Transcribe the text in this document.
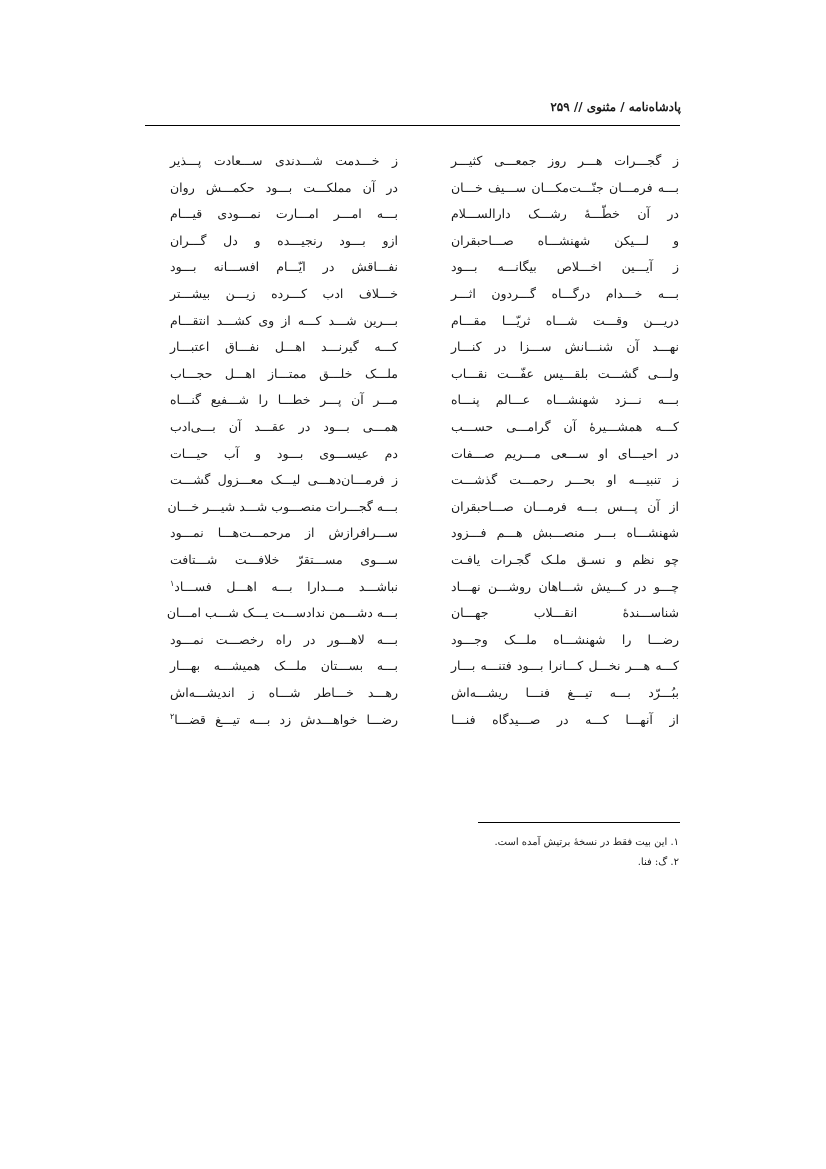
پادشاه‌نامه / مثنوی // ۲۵۹
ز گجـــرات هـــر روز جمعـــی کثیـــر
ز خـــدمت شـــدندی ســـعادت پـــذیر
بـــه فرمـــان جنّـــت‌مکـــان ســـیف خـــان
در آن مملکـــت بـــود حکمـــش روان
در آن خطّـــهٔ رشـــک دارالســـلام
بـــه امـــر امـــارت نمـــودی قیـــام
و لـــیکن شهنشـــاه صـــاحبقران
ازو بـــود رنجیـــده و دل گـــران
ز آیـــین اخـــلاص بیگانـــه بـــود
نفـــاقش در ایّـــام افســـانه بـــود
بـــه خـــدام درگـــاه گـــردون اثـــر
خـــلاف ادب کـــرده زیـــن بیشـــتر
دریـــن وقـــت شـــاه ثریّـــا مقـــام
بـــرین شـــد کـــه از وی کشـــد انتقـــام
نهـــد آن شنـــانش ســـزا در کنـــار
کـــه گیرنـــد اهـــل نفـــاق اعتبـــار
ولـــی گشـــت بلقـــیس عفّـــت نقـــاب
ملـــک خلـــق ممتـــاز اهـــل حجـــاب
بـــه نـــزد شهنشـــاه عـــالم پنـــاه
مـــر آن پـــر خطـــا را شـــفیع گنـــاه
کـــه همشـــیرهٔ آن گرامـــی حســـب
همـــی بـــود در عقـــد آن بـــی‌ادب
در احیـــای او ســـعی مـــریم صـــفات
دم عیســـوی بـــود و آب حیـــات
ز تنبیـــه او بحـــر رحمـــت گذشـــت
ز فرمـــان‌دهـــی لیـــک معـــزول گشـــت
از آن پـــس بـــه فرمـــان صـــاحبقران
بـــه گجـــرات منصـــوب شـــد شیـــر خـــان
شهنشـــاه بـــر منصـــبش هـــم فـــزود
ســـرافرازش از مرحمـــت‌هـــا نمـــود
چو نظم و نسـق ملـک گجـرات یافـت
ســـوی مســـتقرّ خلافـــت شـــتافت
چـــو در کـــیش شـــاهان روشـــن نهـــاد
نباشـــد مـــدارا بـــه اهـــل فســـاد$^۱$
شناســـندهٔ انقـــلاب جهـــان
بـــه دشـــمن ندادســـت یـــک شـــب امـــان
رضـــا را شهنشـــاه ملـــک وجـــود
بـــه لاهـــور در راه رخصـــت نمـــود
کـــه هـــر نخـــل کـــانرا بـــود فتنـــه بـــار
بـــه بســـتان ملـــک همیشـــه بهـــار
ببُـــرّد بـــه تیـــغ فنـــا ریشـــه‌اش
رهـــد خـــاطر شـــاه ز اندیشـــه‌اش
از آنهـــا کـــه در صـــیدگاه فنـــا
رضـــا خواهـــدش زد بـــه تیـــغ قضـــا$^۲$
۱. این بیت فقط در نسخهٔ برتیش آمده است.
۲. گ: فنا.
